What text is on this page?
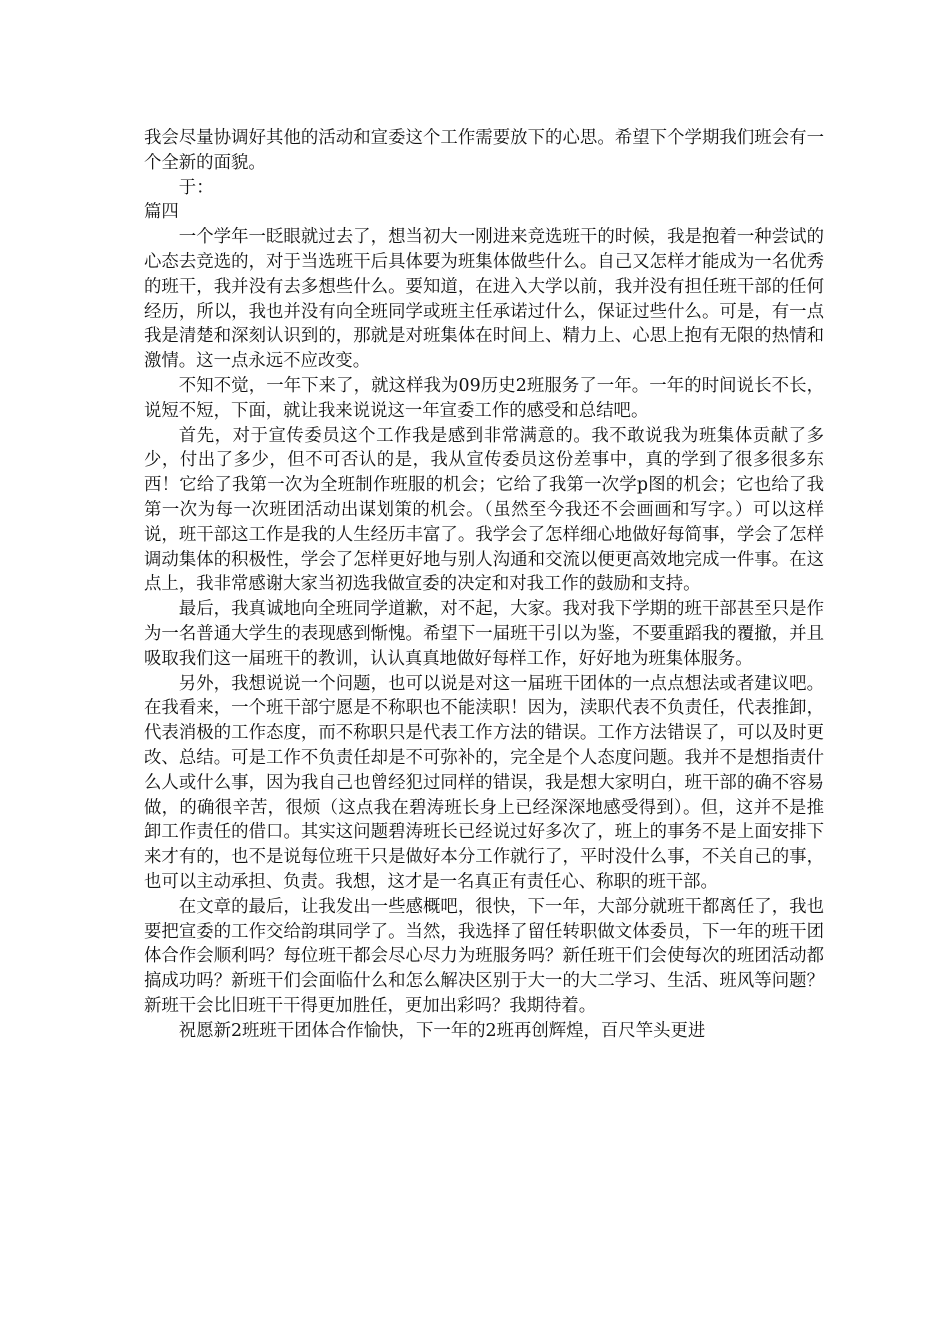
我会尽量协调好其他的活动和宣委这个工作需要放下的心思。希望下个学期我们班会有一个全新的面貌。

于：

篇四

一个学年一眨眼就过去了，想当初大一刚进来竞选班干的时候，我是抱着一种尝试的心态去竞选的，对于当选班干后具体要为班集体做些什么。自己又怎样才能成为一名优秀的班干，我并没有去多想些什么。要知道，在进入大学以前，我并没有担任班干部的任何经历，所以，我也并没有向全班同学或班主任承诺过什么，保证过些什么。可是，有一点我是清楚和深刻认识到的，那就是对班集体在时间上、精力上、心思上抱有无限的热情和激情。这一点永远不应改变。

不知不觉，一年下来了，就这样我为09历史2班服务了一年。一年的时间说长不长，说短不短，下面，就让我来说说这一年宣委工作的感受和总结吧。

首先，对于宣传委员这个工作我是感到非常满意的。我不敢说我为班集体贡献了多少，付出了多少，但不可否认的是，我从宣传委员这份差事中，真的学到了很多很多东西！它给了我第一次为全班制作班服的机会；它给了我第一次学p图的机会；它也给了我第一次为每一次班团活动出谋划策的机会。（虽然至今我还不会画画和写字。）可以这样说，班干部这工作是我的人生经历丰富了。我学会了怎样细心地做好每简事，学会了怎样调动集体的积极性，学会了怎样更好地与别人沟通和交流以便更高效地完成一件事。在这点上，我非常感谢大家当初选我做宣委的决定和对我工作的鼓励和支持。

最后，我真诚地向全班同学道歉，对不起，大家。我对我下学期的班干部甚至只是作为一名普通大学生的表现感到惭愧。希望下一届班干引以为鉴，不要重蹈我的覆撤，并且吸取我们这一届班干的教训，认认真真地做好每样工作，好好地为班集体服务。

另外，我想说说一个问题，也可以说是对这一届班干团体的一点点想法或者建议吧。在我看来，一个班干部宁愿是不称职也不能渎职！因为，渎职代表不负责任，代表推卸，代表消极的工作态度，而不称职只是代表工作方法的错误。工作方法错误了，可以及时更改、总结。可是工作不负责任却是不可弥补的，完全是个人态度问题。我并不是想指责什么人或什么事，因为我自己也曾经犯过同样的错误，我是想大家明白，班干部的确不容易做，的确很辛苦，很烦（这点我在碧涛班长身上已经深深地感受得到）。但，这并不是推卸工作责任的借口。其实这问题碧涛班长已经说过好多次了，班上的事务不是上面安排下来才有的，也不是说每位班干只是做好本分工作就行了，平时没什么事，不关自己的事，也可以主动承担、负责。我想，这才是一名真正有责任心、称职的班干部。

在文章的最后，让我发出一些感概吧，很快，下一年，大部分就班干都离任了，我也要把宣委的工作交给韵琪同学了。当然，我选择了留任转职做文体委员，下一年的班干团体合作会顺利吗？每位班干都会尽心尽力为班服务吗？新任班干们会使每次的班团活动都搞成功吗？新班干们会面临什么和怎么解决区别于大一的大二学习、生活、班风等问题？新班干会比旧班干干得更加胜任，更加出彩吗？我期待着。

祝愿新2班班干团体合作愉快，下一年的2班再创辉煌，百尺竿头更进
